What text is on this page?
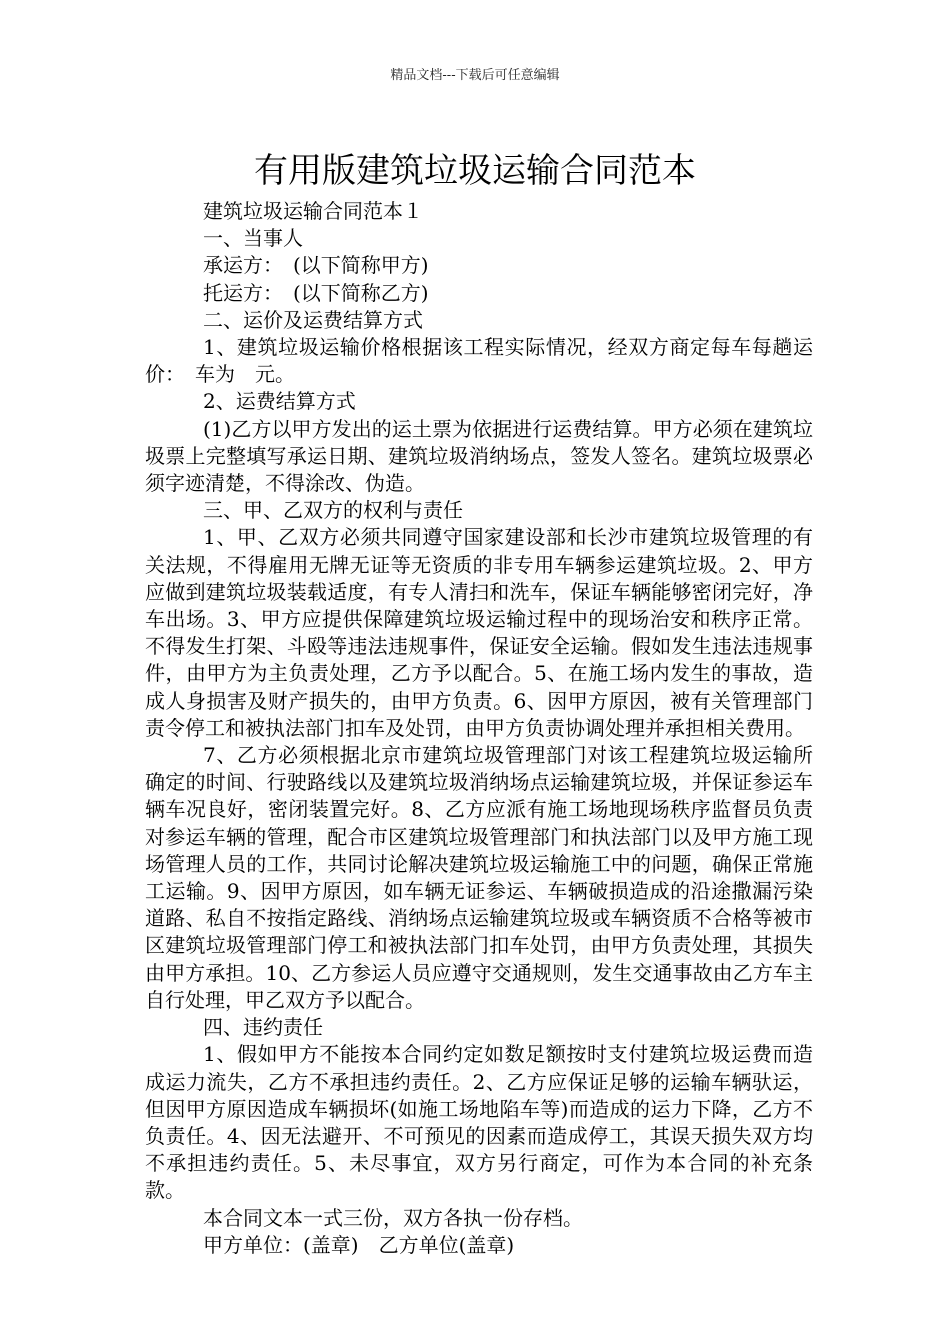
精品文档---下载后可任意编辑
有用版建筑垃圾运输合同范本

建筑垃圾运输合同范本１

一、当事人

承运方：　(以下简称甲方)

托运方：　(以下简称乙方)

二、运价及运费结算方式

1、建筑垃圾运输价格根据该工程实际情况，经双方商定每车每趟运价：　车为　元。

2、运费结算方式

(1)乙方以甲方发出的运土票为依据进行运费结算。甲方必须在建筑垃圾票上完整填写承运日期、建筑垃圾消纳场点，签发人签名。建筑垃圾票必须字迹清楚，不得涂改、伪造。

三、甲、乙双方的权利与责任

1、甲、乙双方必须共同遵守国家建设部和长沙市建筑垃圾管理的有关法规，不得雇用无牌无证等无资质的非专用车辆参运建筑垃圾。2、甲方应做到建筑垃圾装载适度，有专人清扫和洗车，保证车辆能够密闭完好，净车出场。3、甲方应提供保障建筑垃圾运输过程中的现场治安和秩序正常。不得发生打架、斗殴等违法违规事件，保证安全运输。假如发生违法违规事件，由甲方为主负责处理，乙方予以配合。5、在施工场内发生的事故，造成人身损害及财产损失的，由甲方负责。6、因甲方原因，被有关管理部门责令停工和被执法部门扣车及处罚，由甲方负责协调处理并承担相关费用。

7、乙方必须根据北京市建筑垃圾管理部门对该工程建筑垃圾运输所确定的时间、行驶路线以及建筑垃圾消纳场点运输建筑垃圾，并保证参运车辆车况良好，密闭装置完好。8、乙方应派有施工场地现场秩序监督员负责对参运车辆的管理，配合市区建筑垃圾管理部门和执法部门以及甲方施工现场管理人员的工作，共同讨论解决建筑垃圾运输施工中的问题，确保正常施工运输。9、因甲方原因，如车辆无证参运、车辆破损造成的沿途撒漏污染道路、私自不按指定路线、消纳场点运输建筑垃圾或车辆资质不合格等被市区建筑垃圾管理部门停工和被执法部门扣车处罚，由甲方负责处理，其损失由甲方承担。10、乙方参运人员应遵守交通规则，发生交通事故由乙方车主自行处理，甲乙双方予以配合。

四、违约责任

1、假如甲方不能按本合同约定如数足额按时支付建筑垃圾运费而造成运力流失，乙方不承担违约责任。2、乙方应保证足够的运输车辆驮运，但因甲方原因造成车辆损坏(如施工场地陷车等)而造成的运力下降，乙方不负责任。4、因无法避开、不可预见的因素而造成停工，其误天损失双方均不承担违约责任。5、未尽事宜，双方另行商定，可作为本合同的补充条款。

本合同文本一式三份，双方各执一份存档。

甲方单位：(盖章)　乙方单位(盖章)
